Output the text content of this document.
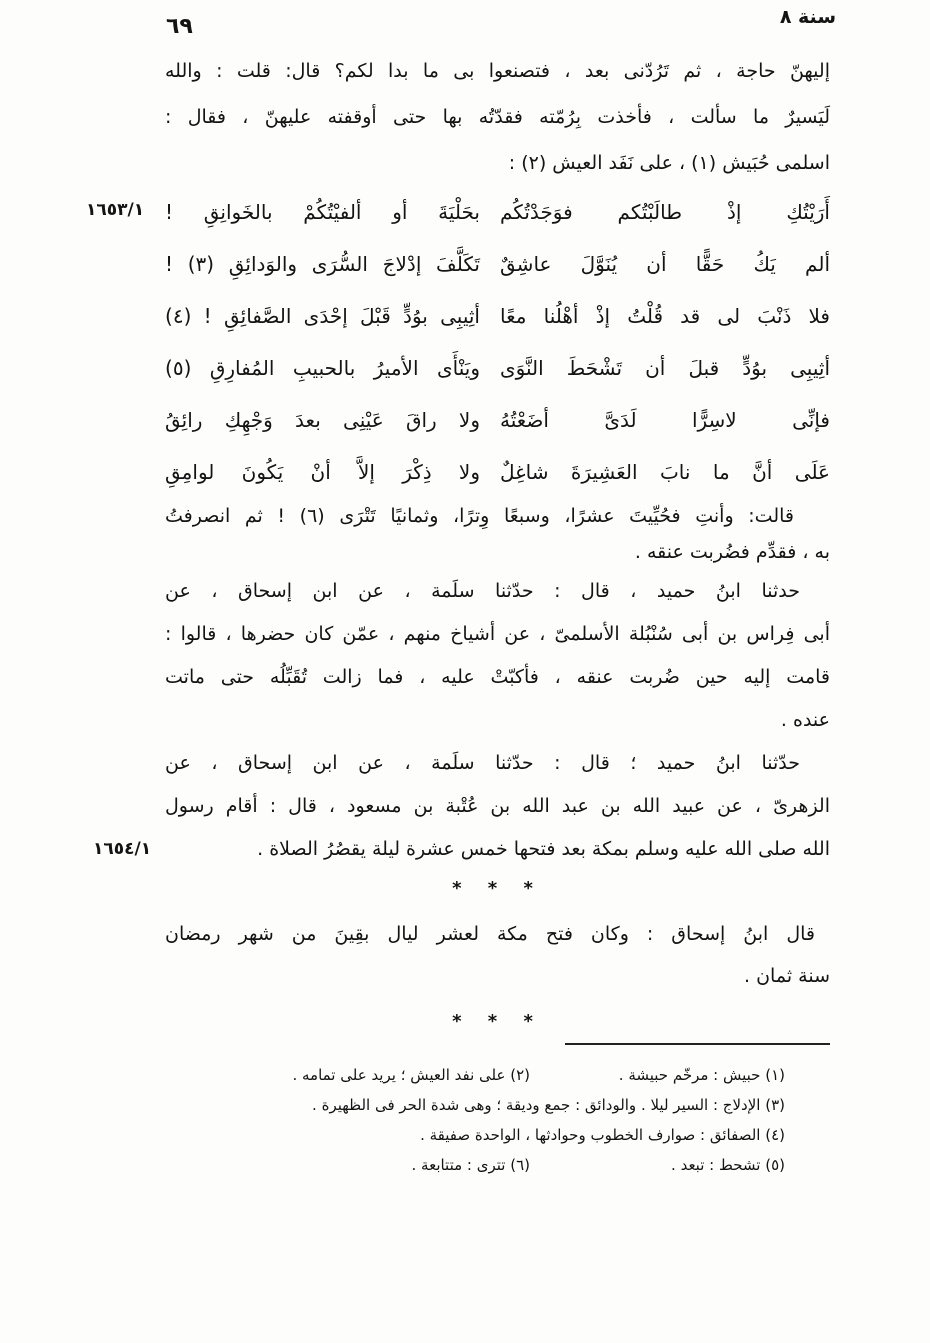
سنة ٨
٦٩
١٦٥٣/١
١٦٥٤/١
إليهنّ حاجة ، ثم تَرُدّنى بعد ، فتصنعوا بى ما بدا لكم؟ قال: قلت : والله
لَيَسيرٌ ما سألت ، فأخذت بِرُمّته فقدّتُه بها حتى أوقفته عليهنّ ، فقال :
اسلمى حُبَيش (١) ، على نَفَد العيش (٢) :
أَرَيْتُكِ إذْ طالَبْتُكم فوَجَدْتُكُم
بحَلْيَةَ أو ألفيْتُكُمْ بالخَوانِقِ !
ألم يَكُ حَقًّا أن يُنَوَّلَ عاشِقٌ
تَكَلَّفَ إدْلاجَ السُّرَى والوَدائِقِ (٣) !
فلا ذَنْبَ لى قد قُلْتُ إذْ أهْلُنا معًا
أثِيبِى بوُدٍّ قَبْلَ إحْدَى الصَّفائِقِ ! (٤)
أثِيبِى بوُدٍّ قبلَ أن تَشْحَطَ النَّوَى
ويَنْأَى الأميرُ بالحبيبِ المُفارِقِ (٥)
فإنِّى لاسِرًّا لَدَىَّ أضَعْتُهُ
ولا راقَ عَيْنِى بعدَ وَجْهِكِ رائِقُ
عَلَى أنَّ ما نابَ العَشِيرَةَ شاغِلٌ
ولا ذِكْرَ إلاَّ أنْ يَكُونَ لوامِقِ
قالت: وأنتِ فحُيِّيتَ عشرًا، وسبعًا وِترًا، وثمانيًا تَتْرَى (٦) ! ثم انصرفتُ
به ، فقدِّم فضُربت عنقه .
حدثنا ابنُ حميد ، قال : حدّثنا سلَمة ، عن ابن إسحاق ، عن
أبى فِراس بن أبى سُنْبُلة الأسلمىّ ، عن أشياخ منهم ، عمّن كان حضرها ، قالوا :
قامت إليه حين ضُربت عنقه ، فأكبّتْ عليه ، فما زالت تُقَبِّلُه حتى ماتت
عنده .
حدّثنا ابنُ حميد ؛ قال : حدّثنا سلَمة ، عن ابن إسحاق ، عن
الزهرىّ ، عن عبيد الله بن عبد الله بن عُتْبة بن مسعود ، قال : أقام رسول
الله صلى الله عليه وسلم بمكة بعد فتحها خمس عشرة ليلة يقصُرُ الصلاة .
* * *
قال ابنُ إسحاق : وكان فتح مكة لعشر ليال بقِينَ من شهر رمضان
سنة ثمان .
* * *
(١) حبيش : مرخّم حبيشة .
(٢) على نفد العيش ؛ يريد على تمامه .
(٣) الإدلاج : السير ليلا . والودائق : جمع وديقة ؛ وهى شدة الحر فى الظهيرة .
(٤) الصفائق : صوارف الخطوب وحوادثها ، الواحدة صفيقة .
(٥) تشحط : تبعد .
(٦) تترى : متتابعة .
